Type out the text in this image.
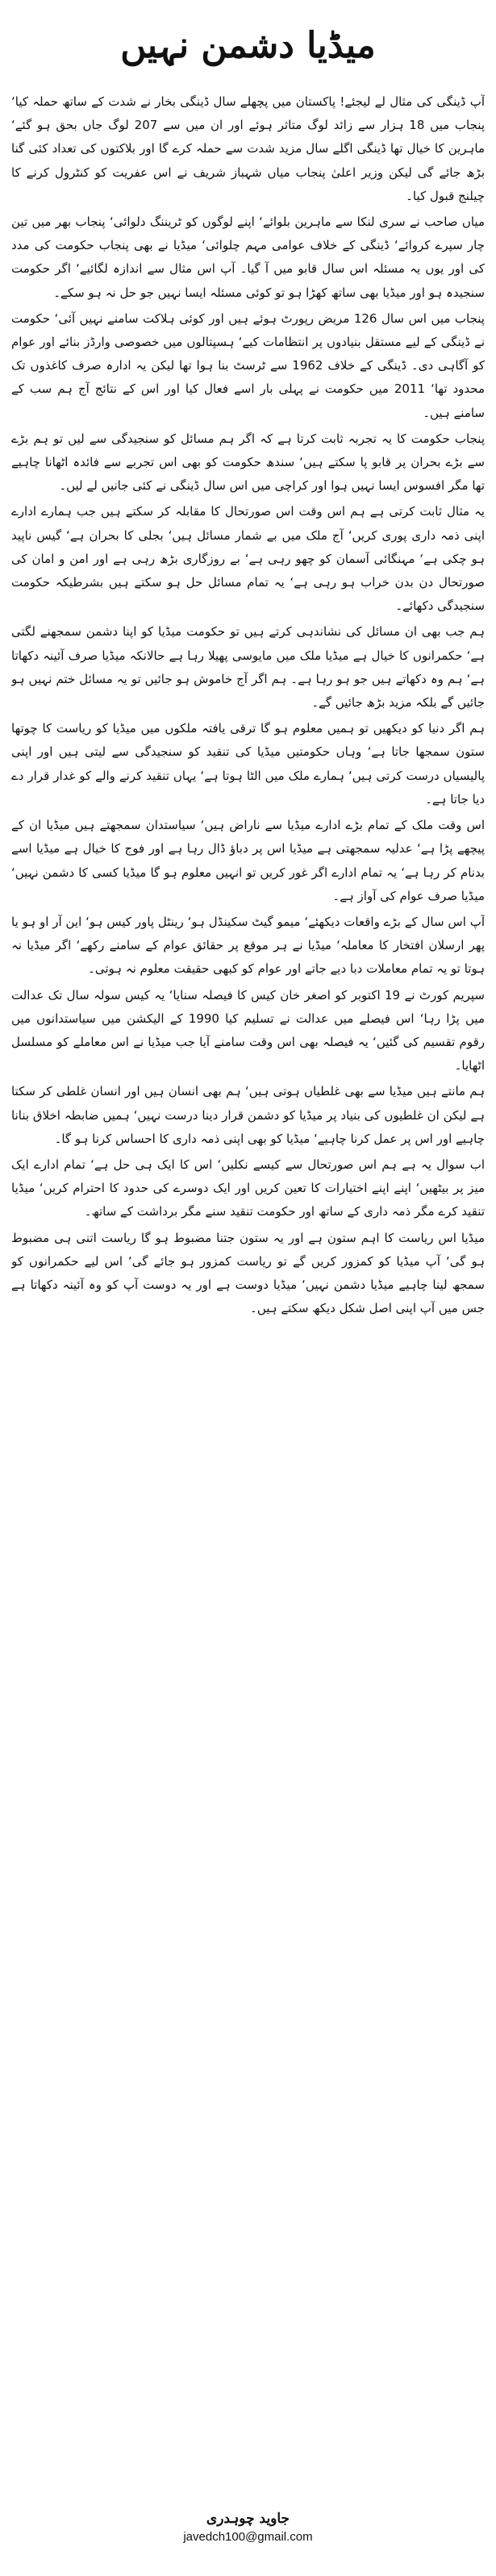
میڈیا دشمن نہیں

آپ ڈینگی کی مثال لے لیجئے! پاکستان میں پچھلے سال ڈینگی بخار نے شدت کے ساتھ حملہ کیا‘ پنجاب میں 18 ہزار سے زائد لوگ متاثر ہوئے اور ان میں سے 207 لوگ جاں بحق ہو گئے‘ ماہرین کا خیال تھا ڈینگی اگلے سال مزید شدت سے حملہ کرے گا اور بلاکتوں کی تعداد کئی گنا بڑھ جائے گی لیکن وزیر اعلیٰ پنجاب میاں شہباز شریف نے اس عفریت کو کنٹرول کرنے کا چیلنج قبول کیا۔

میاں صاحب نے سری لنکا سے ماہرین بلوائے‘ اپنے لوگوں کو ٹریننگ دلوائی‘ پنجاب بھر میں تین چار سپرے کروائے‘ ڈینگی کے خلاف عوامی مہم چلوائی‘ میڈیا نے بھی پنجاب حکومت کی مدد کی اور یوں یہ مسئلہ اس سال قابو میں آ گیا۔ آپ اس مثال سے اندازہ لگائیے‘ اگر حکومت سنجیدہ ہو اور میڈیا بھی ساتھ کھڑا ہو تو کوئی مسئلہ ایسا نہیں جو حل نہ ہو سکے۔

پنجاب میں اس سال 126 مریض رپورٹ ہوئے ہیں اور کوئی ہلاکت سامنے نہیں آئی‘ حکومت نے ڈینگی کے لیے مستقل بنیادوں پر انتظامات کیے‘ ہسپتالوں میں خصوصی وارڈز بنائے اور عوام کو آگاہی دی۔ ڈینگی کے خلاف 1962 سے ٹرسٹ بنا ہوا تھا لیکن یہ ادارہ صرف کاغذوں تک محدود تھا‘ 2011 میں حکومت نے پہلی بار اسے فعال کیا اور اس کے نتائج آج ہم سب کے سامنے ہیں۔

پنجاب حکومت کا یہ تجربہ ثابت کرتا ہے کہ اگر ہم مسائل کو سنجیدگی سے لیں تو ہم بڑے سے بڑے بحران پر قابو پا سکتے ہیں‘ سندھ حکومت کو بھی اس تجربے سے فائدہ اٹھانا چاہیے تھا مگر افسوس ایسا نہیں ہوا اور کراچی میں اس سال ڈینگی نے کئی جانیں لے لیں۔

یہ مثال ثابت کرتی ہے ہم اس وقت اس صورتحال کا مقابلہ کر سکتے ہیں جب ہمارے ادارے اپنی ذمہ داری پوری کریں‘ آج ملک میں بے شمار مسائل ہیں‘ بجلی کا بحران ہے‘ گیس ناپید ہو چکی ہے‘ مہنگائی آسمان کو چھو رہی ہے‘ بے روزگاری بڑھ رہی ہے اور امن و امان کی صورتحال دن بدن خراب ہو رہی ہے‘ یہ تمام مسائل حل ہو سکتے ہیں بشرطیکہ حکومت سنجیدگی دکھائے۔

ہم جب بھی ان مسائل کی نشاندہی کرتے ہیں تو حکومت میڈیا کو اپنا دشمن سمجھنے لگتی ہے‘ حکمرانوں کا خیال ہے میڈیا ملک میں مایوسی پھیلا رہا ہے حالانکہ میڈیا صرف آئینہ دکھاتا ہے‘ ہم وہ دکھاتے ہیں جو ہو رہا ہے۔ ہم اگر آج خاموش ہو جائیں تو یہ مسائل ختم نہیں ہو جائیں گے بلکہ مزید بڑھ جائیں گے۔

ہم اگر دنیا کو دیکھیں تو ہمیں معلوم ہو گا ترقی یافتہ ملکوں میں میڈیا کو ریاست کا چوتھا ستون سمجھا جاتا ہے‘ وہاں حکومتیں میڈیا کی تنقید کو سنجیدگی سے لیتی ہیں اور اپنی پالیسیاں درست کرتی ہیں‘ ہمارے ملک میں الٹا ہوتا ہے‘ یہاں تنقید کرنے والے کو غدار قرار دے دیا جاتا ہے۔

اس وقت ملک کے تمام بڑے ادارے میڈیا سے ناراض ہیں‘ سیاستدان سمجھتے ہیں میڈیا ان کے پیچھے پڑا ہے‘ عدلیہ سمجھتی ہے میڈیا اس پر دباؤ ڈال رہا ہے اور فوج کا خیال ہے میڈیا اسے بدنام کر رہا ہے‘ یہ تمام ادارے اگر غور کریں تو انہیں معلوم ہو گا میڈیا کسی کا دشمن نہیں‘ میڈیا صرف عوام کی آواز ہے۔

آپ اس سال کے بڑے واقعات دیکھئے‘ میمو گیٹ سکینڈل ہو‘ رینٹل پاور کیس ہو‘ این آر او ہو یا پھر ارسلان افتخار کا معاملہ‘ میڈیا نے ہر موقع پر حقائق عوام کے سامنے رکھے‘ اگر میڈیا نہ ہوتا تو یہ تمام معاملات دبا دیے جاتے اور عوام کو کبھی حقیقت معلوم نہ ہوتی۔

سپریم کورٹ نے 19 اکتوبر کو اصغر خان کیس کا فیصلہ سنایا‘ یہ کیس سولہ سال تک عدالت میں پڑا رہا‘ اس فیصلے میں عدالت نے تسلیم کیا 1990 کے الیکشن میں سیاستدانوں میں رقوم تقسیم کی گئیں‘ یہ فیصلہ بھی اس وقت سامنے آیا جب میڈیا نے اس معاملے کو مسلسل اٹھایا۔

ہم مانتے ہیں میڈیا سے بھی غلطیاں ہوتی ہیں‘ ہم بھی انسان ہیں اور انسان غلطی کر سکتا ہے لیکن ان غلطیوں کی بنیاد پر میڈیا کو دشمن قرار دینا درست نہیں‘ ہمیں ضابطہ اخلاق بنانا چاہیے اور اس پر عمل کرنا چاہیے‘ میڈیا کو بھی اپنی ذمہ داری کا احساس کرنا ہو گا۔

اب سوال یہ ہے ہم اس صورتحال سے کیسے نکلیں‘ اس کا ایک ہی حل ہے‘ تمام ادارے ایک میز پر بیٹھیں‘ اپنے اپنے اختیارات کا تعین کریں اور ایک دوسرے کی حدود کا احترام کریں‘ میڈیا تنقید کرے مگر ذمہ داری کے ساتھ اور حکومت تنقید سنے مگر برداشت کے ساتھ۔

میڈیا اس ریاست کا اہم ستون ہے اور یہ ستون جتنا مضبوط ہو گا ریاست اتنی ہی مضبوط ہو گی‘ آپ میڈیا کو کمزور کریں گے تو ریاست کمزور ہو جائے گی‘ اس لیے حکمرانوں کو سمجھ لینا چاہیے میڈیا دشمن نہیں‘ میڈیا دوست ہے اور یہ دوست آپ کو وہ آئینہ دکھاتا ہے جس میں آپ اپنی اصل شکل دیکھ سکتے ہیں۔

جاوید چوہدری

javedch100@gmail.com
